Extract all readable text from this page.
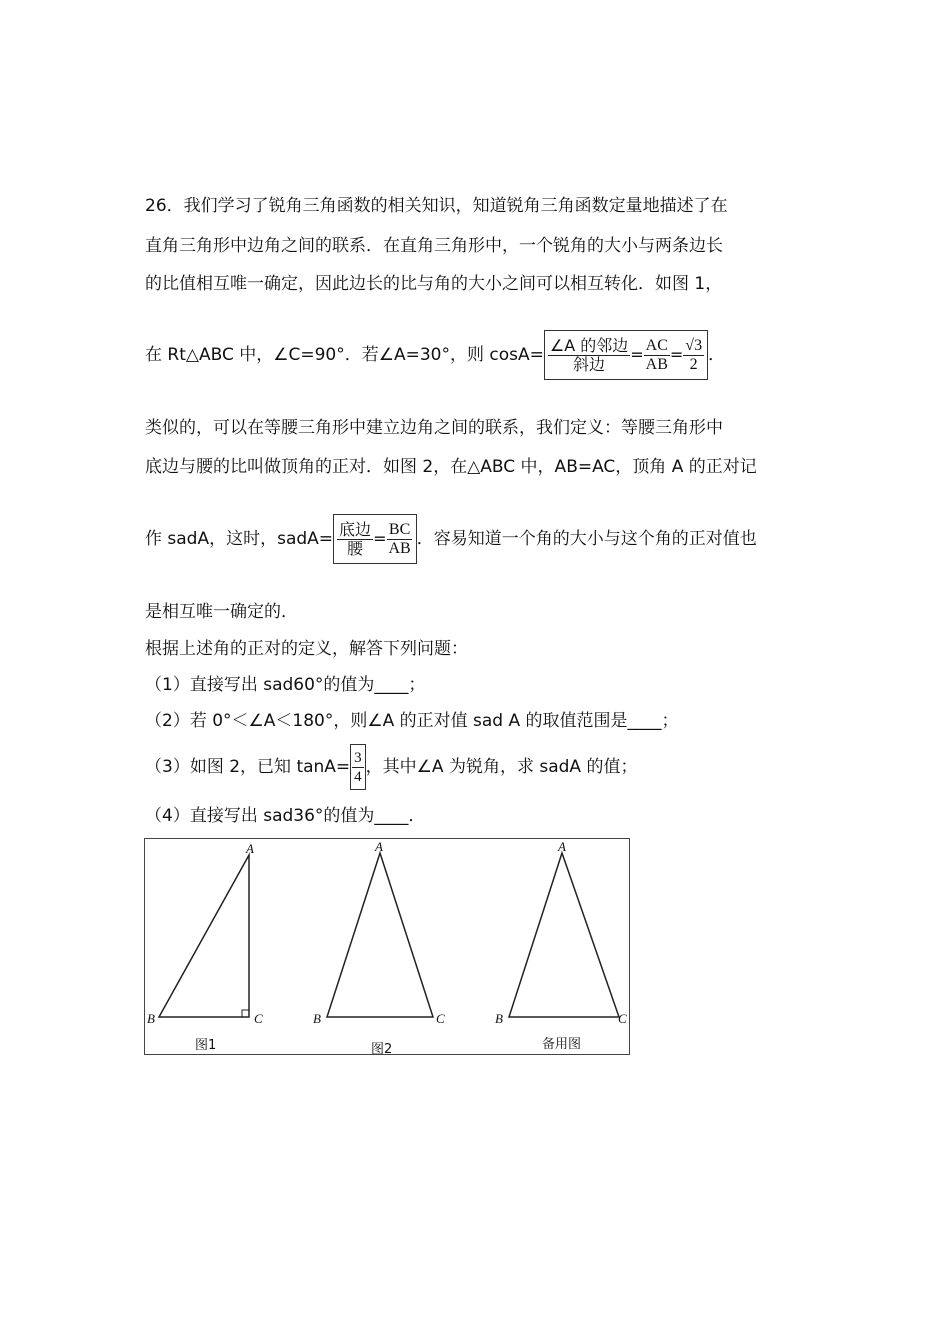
26．我们学习了锐角三角函数的相关知识，知道锐角三角函数定量地描述了在
直角三角形中边角之间的联系．在直角三角形中，一个锐角的大小与两条边长
的比值相互唯一确定，因此边长的比与角的大小之间可以相互转化．如图 1，
在 Rt△ABC 中，∠C=90°．若∠A=30°，则 $\cos A= \frac{\text{∠A 的邻边}}{\text{斜边}} = \frac{AC}{AB} = \frac{√3}{2}$ ．
类似的，可以在等腰三角形中建立边角之间的联系，我们定义：等腰三角形中
底边与腰的比叫做顶角的正对．如图 2，在△ABC 中，AB=AC，顶角 A 的正对记
作 sadA，这时，sadA= $\frac{\text{底边}}{\text{腰}} = \frac{BC}{AB}$ ．容易知道一个角的大小与这个角的正对值也
是相互唯一确定的．
根据上述角的正对的定义，解答下列问题：
（1）直接写出 sad60°的值为____；
（2）若 0°＜∠A＜180°，则∠A 的正对值 sad A 的取值范围是____；
（3）如图 2，已知 $\tan A= \frac{3}{4}$ ，其中∠A 为锐角，求 sadA 的值；
（4）直接写出 sad36°的值为____．
A
B	C
图1
A
B	C
图2
A
B	C
备用图
